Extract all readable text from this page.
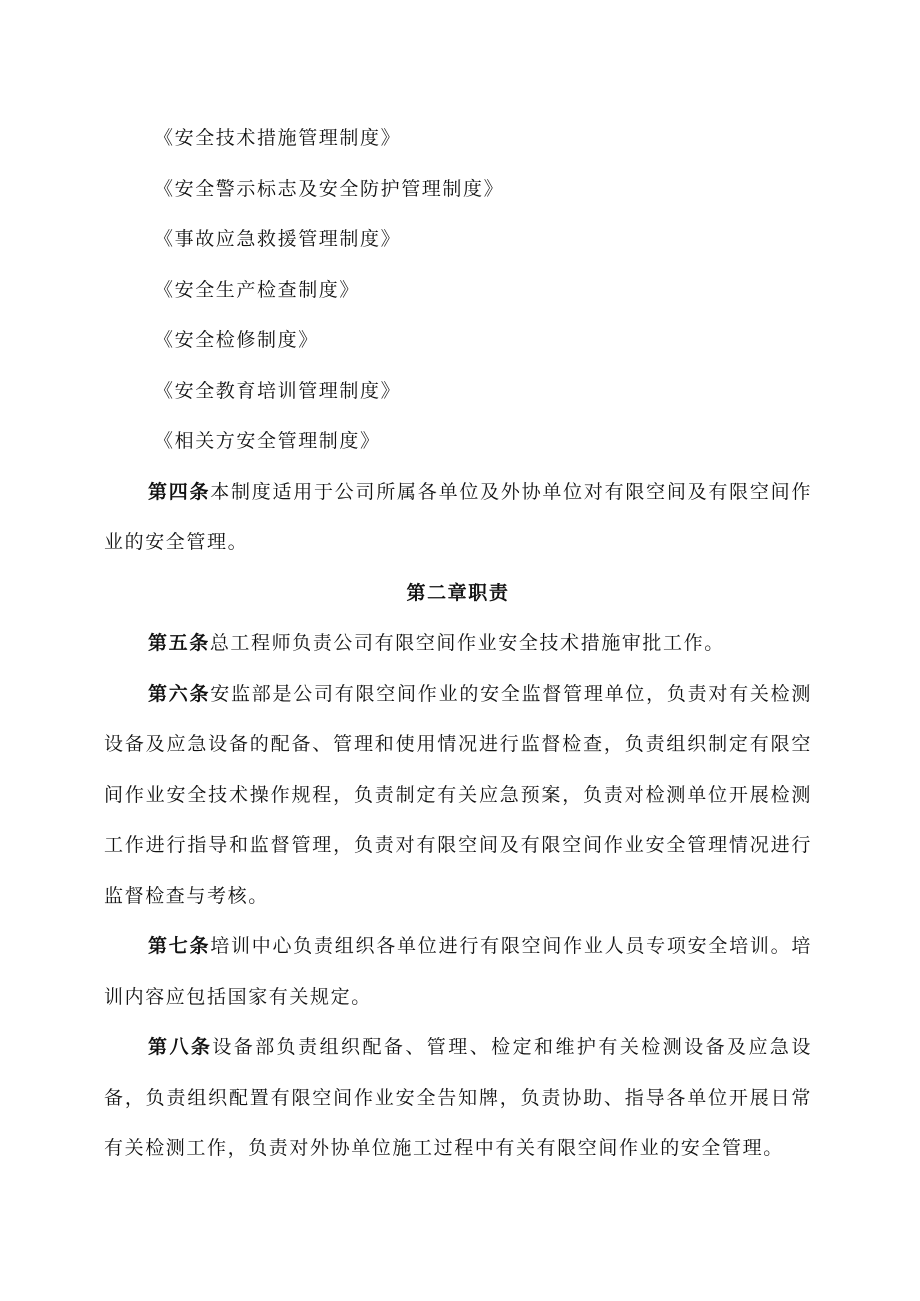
《安全技术措施管理制度》

《安全警示标志及安全防护管理制度》

《事故应急救援管理制度》

《安全生产检查制度》

《安全检修制度》

《安全教育培训管理制度》

《相关方安全管理制度》

第四条本制度适用于公司所属各单位及外协单位对有限空间及有限空间作业的安全管理。

第二章职责

第五条总工程师负责公司有限空间作业安全技术措施审批工作。

第六条安监部是公司有限空间作业的安全监督管理单位，负责对有关检测设备及应急设备的配备、管理和使用情况进行监督检查，负责组织制定有限空间作业安全技术操作规程，负责制定有关应急预案，负责对检测单位开展检测工作进行指导和监督管理，负责对有限空间及有限空间作业安全管理情况进行监督检查与考核。

第七条培训中心负责组织各单位进行有限空间作业人员专项安全培训。培训内容应包括国家有关规定。

第八条设备部负责组织配备、管理、检定和维护有关检测设备及应急设备，负责组织配置有限空间作业安全告知牌，负责协助、指导各单位开展日常有关检测工作，负责对外协单位施工过程中有关有限空间作业的安全管理。
